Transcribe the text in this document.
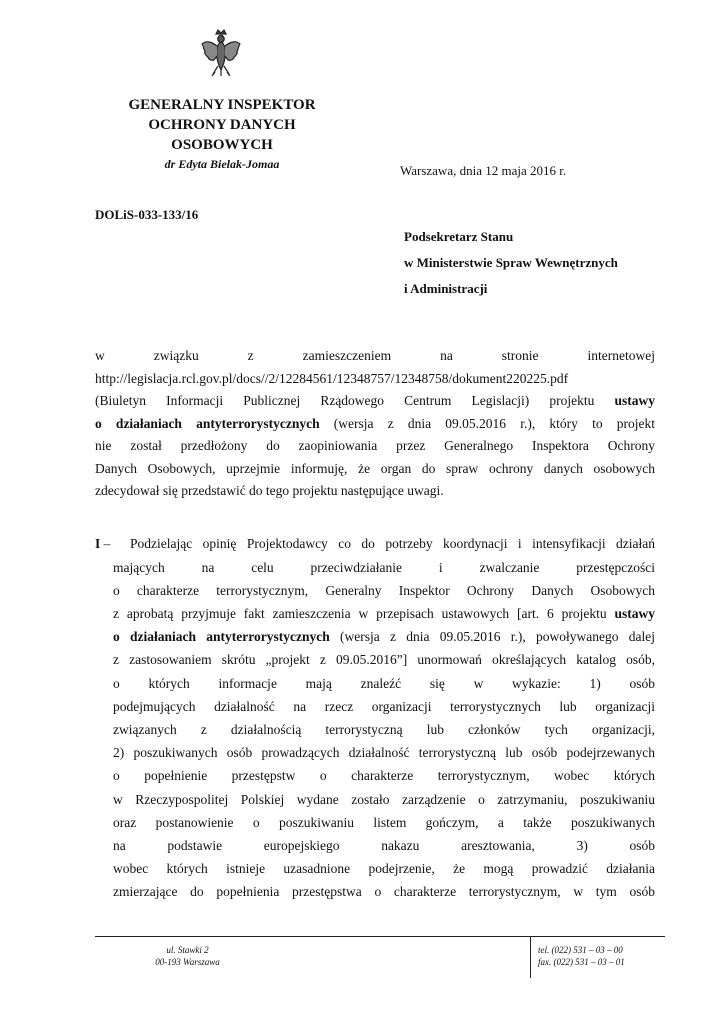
GENERALNY INSPEKTOR
OCHRONY DANYCH
OSOBOWYCH
dr Edyta Bielak-Jomaa	Warszawa, dnia 12 maja 2016 r.
DOLiS-033-133/16
Podsekretarz Stanu
w Ministerstwie Spraw Wewnętrznych
i Administracji
w związku z zamieszczeniem na stronie internetowej
http://legislacja.rcl.gov.pl/docs//2/12284561/12348757/12348758/dokument220225.pdf
(Biuletyn Informacji Publicznej Rządowego Centrum Legislacji) projektu ustawy
o działaniach antyterrorystycznych (wersja z dnia 09.05.2016 r.), który to projekt
nie został przedłożony do zaopiniowania przez Generalnego Inspektora Ochrony
Danych Osobowych, uprzejmie informuję, że organ do spraw ochrony danych osobowych
zdecydował się przedstawić do tego projektu następujące uwagi.
I – Podzielając opinię Projektodawcy co do potrzeby koordynacji i intensyfikacji działań
mających na celu przeciwdziałanie i zwalczanie przestępczości
o charakterze terrorystycznym, Generalny Inspektor Ochrony Danych Osobowych
z aprobatą przyjmuje fakt zamieszczenia w przepisach ustawowych [art. 6 projektu ustawy
o działaniach antyterrorystycznych (wersja z dnia 09.05.2016 r.), powoływanego dalej
z zastosowaniem skrótu „projekt z 09.05.2016”] unormowań określających katalog osób,
o których informacje mają znaleźć się w wykazie: 1) osób
podejmujących działalność na rzecz organizacji terrorystycznych lub organizacji
związanych z działalnością terrorystyczną lub członków tych organizacji,
2) poszukiwanych osób prowadzących działalność terrorystyczną lub osób podejrzewanych
o popełnienie przestępstw o charakterze terrorystycznym, wobec których
w Rzeczypospolitej Polskiej wydane zostało zarządzenie o zatrzymaniu, poszukiwaniu
oraz postanowienie o poszukiwaniu listem gończym, a także poszukiwanych
na podstawie europejskiego nakazu aresztowania, 3) osób
wobec których istnieje uzasadnione podejrzenie, że mogą prowadzić działania
zmierzające do popełnienia przestępstwa o charakterze terrorystycznym, w tym osób
ul. Stawki 2
00-193 Warszawa
tel. (022) 531 – 03 – 00
fax. (022) 531 – 03 – 01
